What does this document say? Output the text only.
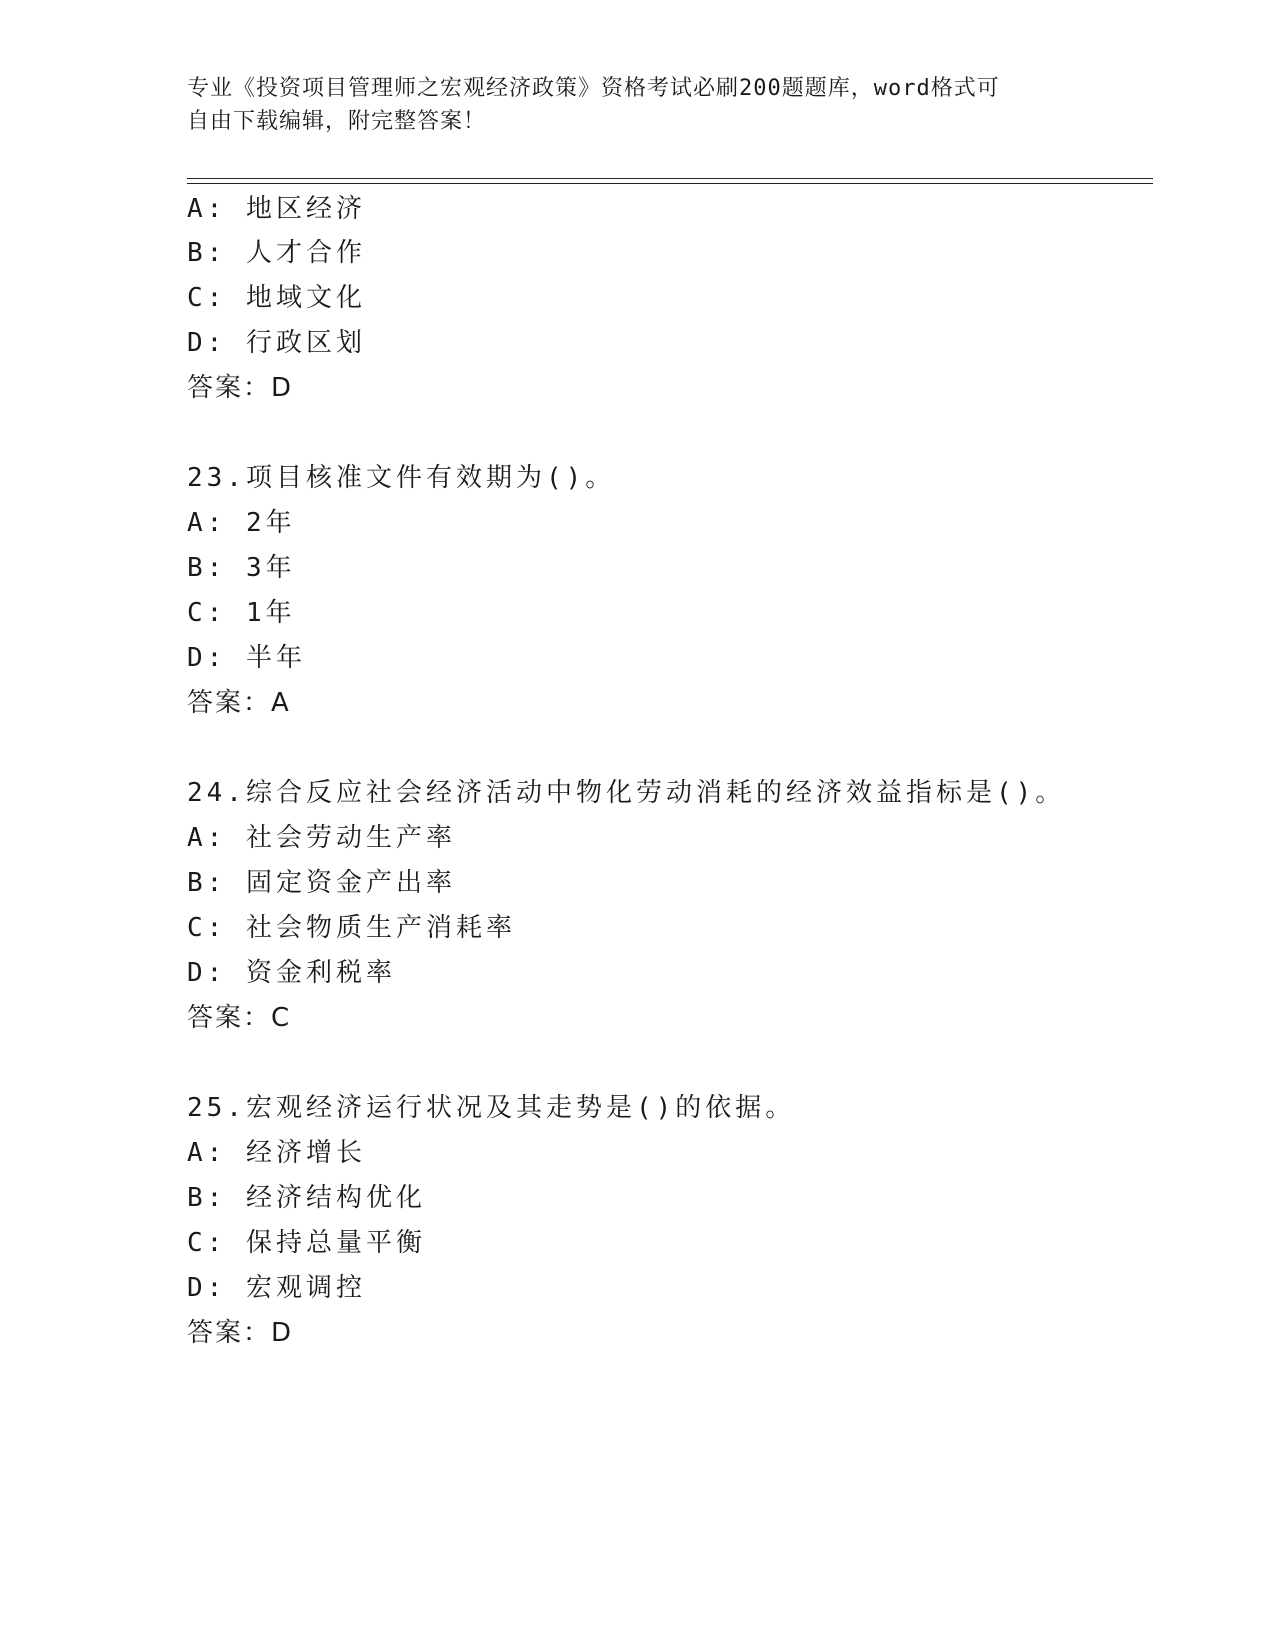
专业《投资项目管理师之宏观经济政策》资格考试必刷200题题库，word格式可
自由下载编辑，附完整答案！
A: 地区经济
B: 人才合作
C: 地域文化
D: 行政区划
答案：D
23.项目核准文件有效期为()。
A: 2年
B: 3年
C: 1年
D: 半年
答案：A
24.综合反应社会经济活动中物化劳动消耗的经济效益指标是()。
A: 社会劳动生产率
B: 固定资金产出率
C: 社会物质生产消耗率
D: 资金利税率
答案：C
25.宏观经济运行状况及其走势是()的依据。
A: 经济增长
B: 经济结构优化
C: 保持总量平衡
D: 宏观调控
答案：D
